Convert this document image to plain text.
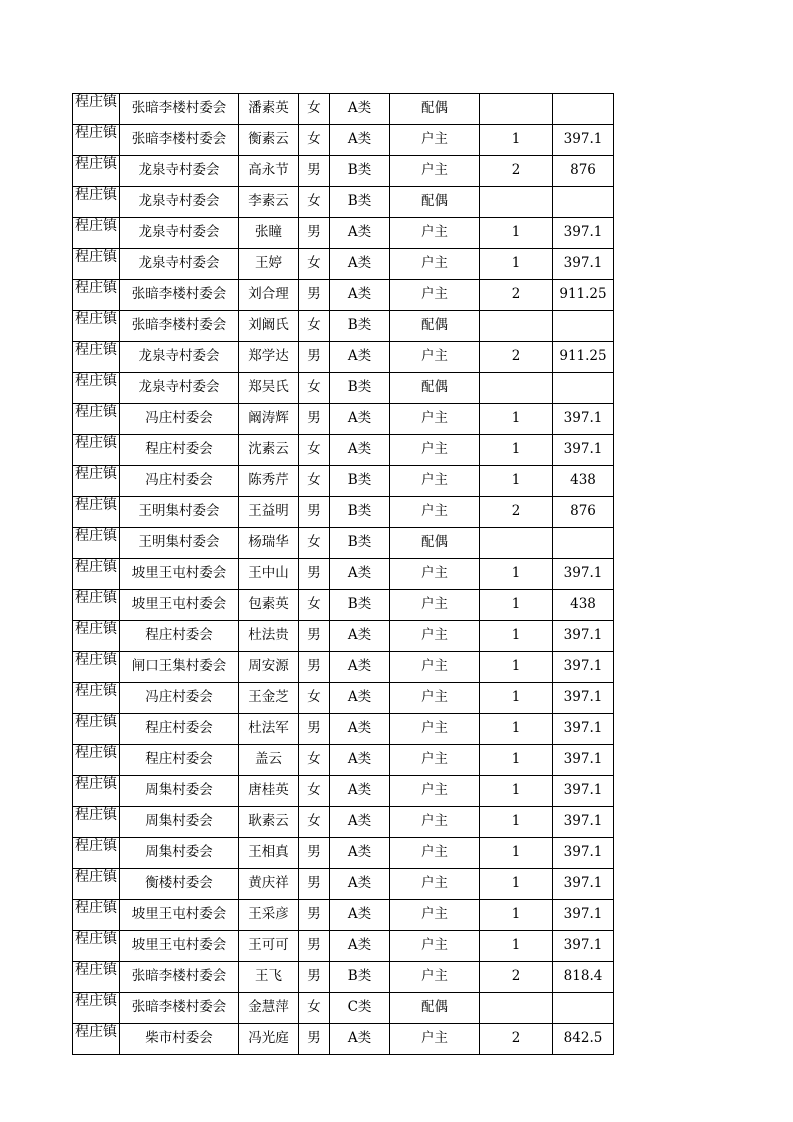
程庄镇	张暗李楼村委会	潘素英	女	A类	配偶		

程庄镇	张暗李楼村委会	衡素云	女	A类	户主	1	397.1

程庄镇	龙泉寺村委会	高永节	男	B类	户主	2	876

程庄镇	龙泉寺村委会	李素云	女	B类	配偶		

程庄镇	龙泉寺村委会	张瞳	男	A类	户主	1	397.1

程庄镇	龙泉寺村委会	王婷	女	A类	户主	1	397.1

程庄镇	张暗李楼村委会	刘合理	男	A类	户主	2	911.25

程庄镇	张暗李楼村委会	刘阚氏	女	B类	配偶		

程庄镇	龙泉寺村委会	郑学达	男	A类	户主	2	911.25

程庄镇	龙泉寺村委会	郑吴氏	女	B类	配偶		

程庄镇	冯庄村委会	阚涛辉	男	A类	户主	1	397.1

程庄镇	程庄村委会	沈素云	女	A类	户主	1	397.1

程庄镇	冯庄村委会	陈秀芹	女	B类	户主	1	438

程庄镇	王明集村委会	王益明	男	B类	户主	2	876

程庄镇	王明集村委会	杨瑞华	女	B类	配偶		

程庄镇	坡里王屯村委会	王中山	男	A类	户主	1	397.1

程庄镇	坡里王屯村委会	包素英	女	B类	户主	1	438

程庄镇	程庄村委会	杜法贵	男	A类	户主	1	397.1

程庄镇	闸口王集村委会	周安源	男	A类	户主	1	397.1

程庄镇	冯庄村委会	王金芝	女	A类	户主	1	397.1

程庄镇	程庄村委会	杜法军	男	A类	户主	1	397.1

程庄镇	程庄村委会	盖云	女	A类	户主	1	397.1

程庄镇	周集村委会	唐桂英	女	A类	户主	1	397.1

程庄镇	周集村委会	耿素云	女	A类	户主	1	397.1

程庄镇	周集村委会	王相真	男	A类	户主	1	397.1

程庄镇	衡楼村委会	黄庆祥	男	A类	户主	1	397.1

程庄镇	坡里王屯村委会	王采彦	男	A类	户主	1	397.1

程庄镇	坡里王屯村委会	王可可	男	A类	户主	1	397.1

程庄镇	张暗李楼村委会	王飞	男	B类	户主	2	818.4

程庄镇	张暗李楼村委会	金慧萍	女	C类	配偶		

程庄镇	柴市村委会	冯光庭	男	A类	户主	2	842.5
